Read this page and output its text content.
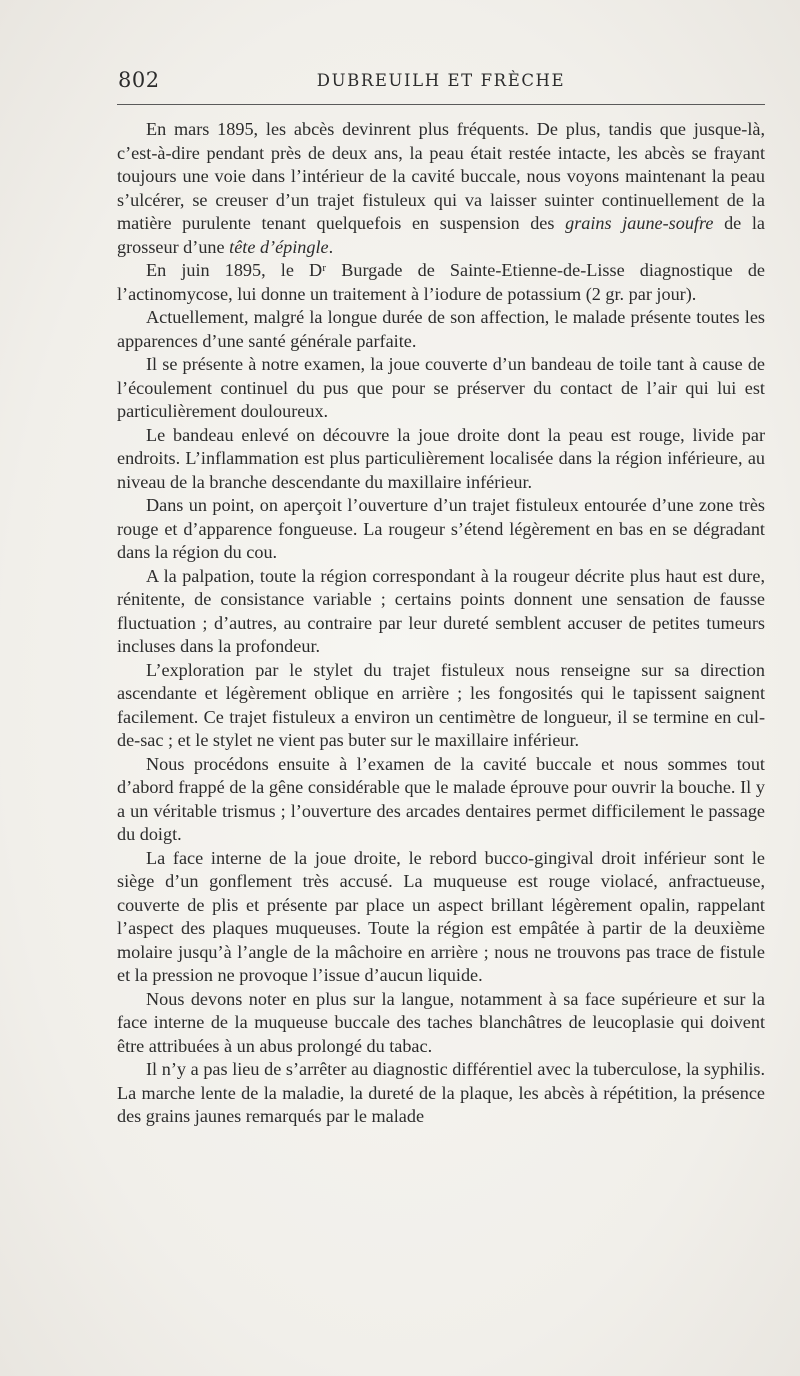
802	DUBREUILH ET FRÈCHE

En mars 1895, les abcès devinrent plus fréquents. De plus, tandis que jusque-là, c’est-à-dire pendant près de deux ans, la peau était restée intacte, les abcès se frayant toujours une voie dans l’intérieur de la cavité buccale, nous voyons maintenant la peau s’ulcérer, se creuser d’un trajet fistuleux qui va laisser suinter continuellement de la matière purulente tenant quelquefois en suspension des grains jaune-soufre de la grosseur d’une tête d’épingle.

En juin 1895, le Dʳ Burgade de Sainte-Etienne-de-Lisse diagnostique de l’actinomycose, lui donne un traitement à l’iodure de potassium (2 gr. par jour).

Actuellement, malgré la longue durée de son affection, le malade présente toutes les apparences d’une santé générale parfaite.

Il se présente à notre examen, la joue couverte d’un bandeau de toile tant à cause de l’écoulement continuel du pus que pour se préserver du contact de l’air qui lui est particulièrement douloureux.

Le bandeau enlevé on découvre la joue droite dont la peau est rouge, livide par endroits. L’inflammation est plus particulièrement localisée dans la région inférieure, au niveau de la branche descendante du maxillaire inférieur.

Dans un point, on aperçoit l’ouverture d’un trajet fistuleux entourée d’une zone très rouge et d’apparence fongueuse. La rougeur s’étend légèrement en bas en se dégradant dans la région du cou.

A la palpation, toute la région correspondant à la rougeur décrite plus haut est dure, rénitente, de consistance variable ; certains points donnent une sensation de fausse fluctuation ; d’autres, au contraire par leur dureté semblent accuser de petites tumeurs incluses dans la profondeur.

L’exploration par le stylet du trajet fistuleux nous renseigne sur sa direction ascendante et légèrement oblique en arrière ; les fongosités qui le tapissent saignent facilement. Ce trajet fistuleux a environ un centimètre de longueur, il se termine en cul-de-sac ; et le stylet ne vient pas buter sur le maxillaire inférieur.

Nous procédons ensuite à l’examen de la cavité buccale et nous sommes tout d’abord frappé de la gêne considérable que le malade éprouve pour ouvrir la bouche. Il y a un véritable trismus ; l’ouverture des arcades dentaires permet difficilement le passage du doigt.

La face interne de la joue droite, le rebord bucco-gingival droit inférieur sont le siège d’un gonflement très accusé. La muqueuse est rouge violacé, anfractueuse, couverte de plis et présente par place un aspect brillant légèrement opalin, rappelant l’aspect des plaques muqueuses. Toute la région est empâtée à partir de la deuxième molaire jusqu’à l’angle de la mâchoire en arrière ; nous ne trouvons pas trace de fistule et la pression ne provoque l’issue d’aucun liquide.

Nous devons noter en plus sur la langue, notamment à sa face supérieure et sur la face interne de la muqueuse buccale des taches blanchâtres de leucoplasie qui doivent être attribuées à un abus prolongé du tabac.

Il n’y a pas lieu de s’arrêter au diagnostic différentiel avec la tuberculose, la syphilis. La marche lente de la maladie, la dureté de la plaque, les abcès à répétition, la présence des grains jaunes remarqués par le malade
